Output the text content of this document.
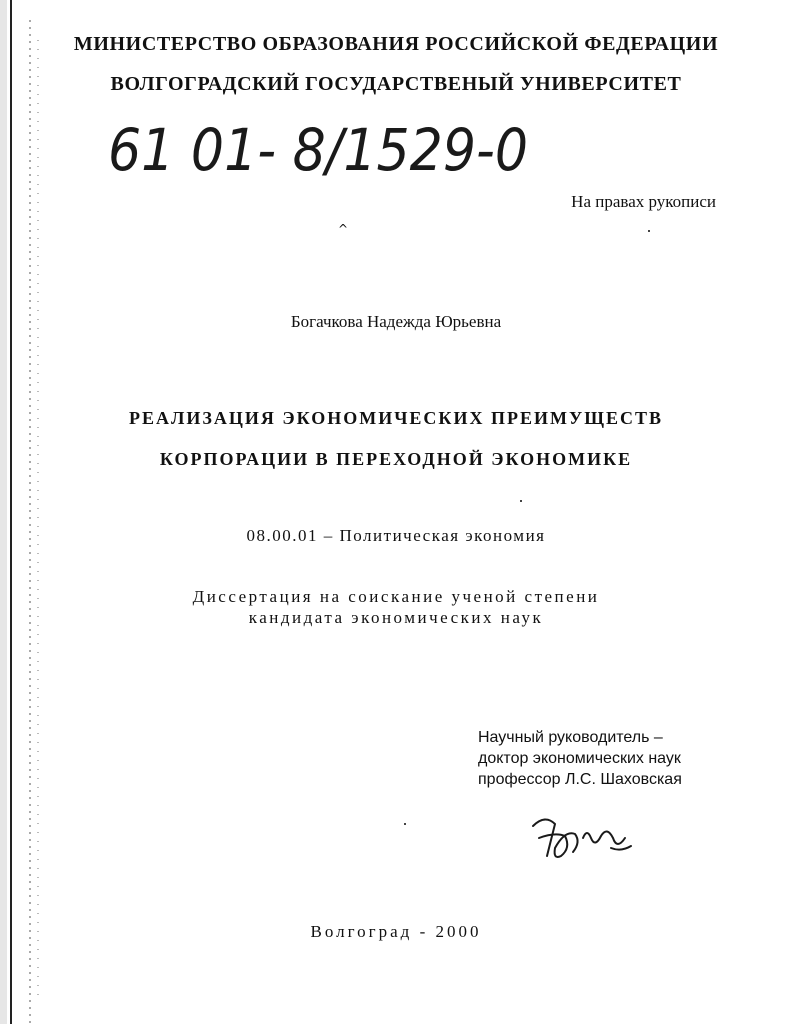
МИНИСТЕРСТВО ОБРАЗОВАНИЯ РОССИЙСКОЙ ФЕДЕРАЦИИ
ВОЛГОГРАДСКИЙ ГОСУДАРСТВЕНЫЙ УНИВЕРСИТЕТ
61 01- 8/1529-0
^
На правах рукописи
Богачкова Надежда Юрьевна
РЕАЛИЗАЦИЯ ЭКОНОМИЧЕСКИХ ПРЕИМУЩЕСТВ
КОРПОРАЦИИ В ПЕРЕХОДНОЙ ЭКОНОМИКЕ
08.00.01 – Политическая экономия
Диссертация на соискание ученой степени
кандидата экономических наук
Научный руководитель –
доктор экономических наук
профессор Л.С. Шаховская
Волгоград - 2000
